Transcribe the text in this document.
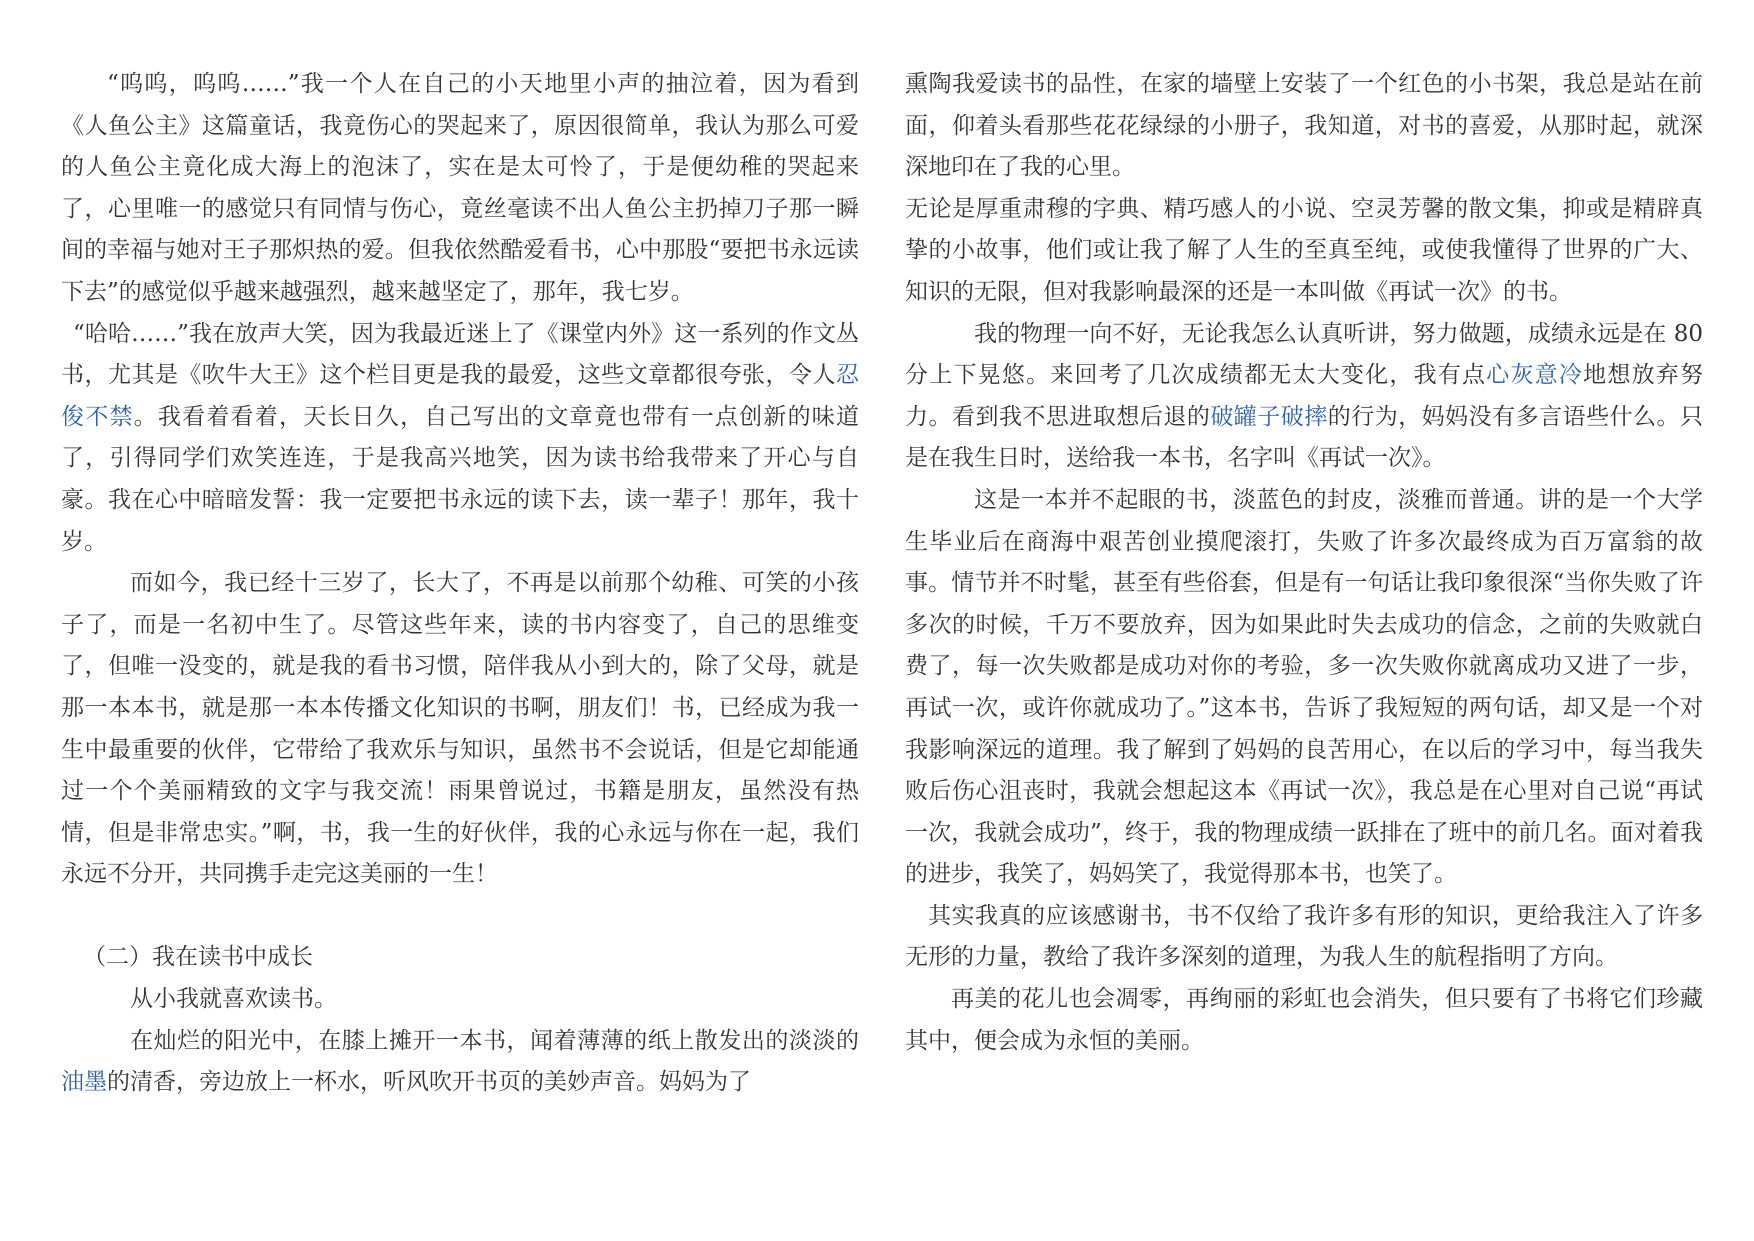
“呜呜，呜呜……”我一个人在自己的小天地里小声的抽泣着，因为看到《人鱼公主》这篇童话，我竟伤心的哭起来了，原因很简单，我认为那么可爱的人鱼公主竟化成大海上的泡沫了，实在是太可怜了，于是便幼稚的哭起来了，心里唯一的感觉只有同情与伤心，竟丝毫读不出人鱼公主扔掉刀子那一瞬间的幸福与她对王子那炽热的爱。但我依然酷爱看书，心中那股“要把书永远读下去”的感觉似乎越来越强烈，越来越坚定了，那年，我七岁。

“哈哈……”我在放声大笑，因为我最近迷上了《课堂内外》这一系列的作文丛书，尤其是《吹牛大王》这个栏目更是我的最爱，这些文章都很夸张，令人忍俊不禁。我看着看着，天长日久，自己写出的文章竟也带有一点创新的味道了，引得同学们欢笑连连，于是我高兴地笑，因为读书给我带来了开心与自豪。我在心中暗暗发誓：我一定要把书永远的读下去，读一辈子！那年，我十岁。

而如今，我已经十三岁了，长大了，不再是以前那个幼稚、可笑的小孩子了，而是一名初中生了。尽管这些年来，读的书内容变了，自己的思维变了，但唯一没变的，就是我的看书习惯，陪伴我从小到大的，除了父母，就是那一本本书，就是那一本本传播文化知识的书啊，朋友们！书，已经成为我一生中最重要的伙伴，它带给了我欢乐与知识，虽然书不会说话，但是它却能通过一个个美丽精致的文字与我交流！雨果曾说过，书籍是朋友，虽然没有热情，但是非常忠实。”啊，书，我一生的好伙伴，我的心永远与你在一起，我们永远不分开，共同携手走完这美丽的一生！

（二）我在读书中成长

从小我就喜欢读书。

在灿烂的阳光中，在膝上摊开一本书，闻着薄薄的纸上散发出的淡淡的油墨的清香，旁边放上一杯水，听风吹开书页的美妙声音。妈妈为了

熏陶我爱读书的品性，在家的墙壁上安装了一个红色的小书架，我总是站在前面，仰着头看那些花花绿绿的小册子，我知道，对书的喜爱，从那时起，就深深地印在了我的心里。

无论是厚重肃穆的字典、精巧感人的小说、空灵芳馨的散文集，抑或是精辟真挚的小故事，他们或让我了解了人生的至真至纯，或使我懂得了世界的广大、知识的无限，但对我影响最深的还是一本叫做《再试一次》的书。

我的物理一向不好，无论我怎么认真听讲，努力做题，成绩永远是在 80 分上下晃悠。来回考了几次成绩都无太大变化，我有点心灰意冷地想放弃努力。看到我不思进取想后退的破罐子破摔的行为，妈妈没有多言语些什么。只是在我生日时，送给我一本书，名字叫《再试一次》。

这是一本并不起眼的书，淡蓝色的封皮，淡雅而普通。讲的是一个大学生毕业后在商海中艰苦创业摸爬滚打，失败了许多次最终成为百万富翁的故事。情节并不时髦，甚至有些俗套，但是有一句话让我印象很深“当你失败了许多次的时候，千万不要放弃，因为如果此时失去成功的信念，之前的失败就白费了，每一次失败都是成功对你的考验，多一次失败你就离成功又进了一步，再试一次，或许你就成功了。”这本书，告诉了我短短的两句话，却又是一个对我影响深远的道理。我了解到了妈妈的良苦用心，在以后的学习中，每当我失败后伤心沮丧时，我就会想起这本《再试一次》，我总是在心里对自己说“再试一次，我就会成功”，终于，我的物理成绩一跃排在了班中的前几名。面对着我的进步，我笑了，妈妈笑了，我觉得那本书，也笑了。

其实我真的应该感谢书，书不仅给了我许多有形的知识，更给我注入了许多无形的力量，教给了我许多深刻的道理，为我人生的航程指明了方向。

再美的花儿也会凋零，再绚丽的彩虹也会消失，但只要有了书将它们珍藏其中，便会成为永恒的美丽。
